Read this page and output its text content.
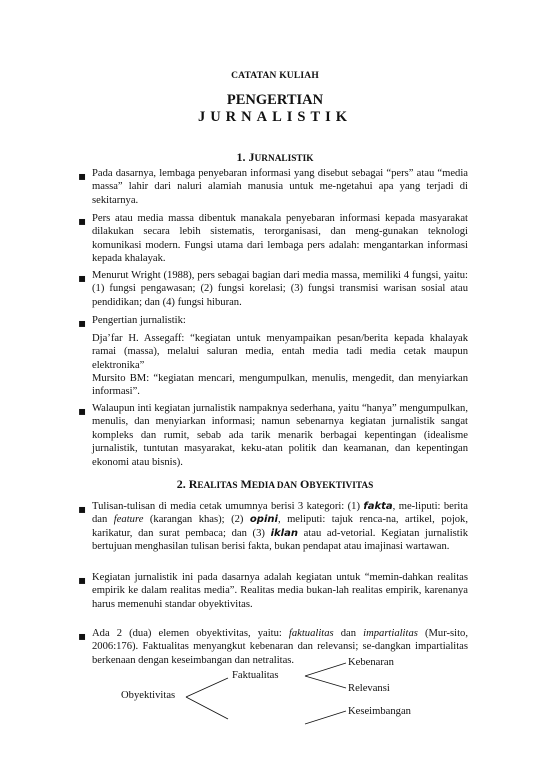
CATATAN KULIAH
PENGERTIAN
JURNALISTIK
1. JURNALISTIK
▪ Pada dasarnya, lembaga penyebaran informasi yang disebut sebagai “pers” atau “media massa” lahir dari naluri alamiah manusia untuk me-ngetahui apa yang terjadi di sekitarnya.
▪ Pers atau media massa dibentuk manakala penyebaran informasi kepada masyarakat dilakukan secara lebih sistematis, terorganisasi, dan meng-gunakan teknologi komunikasi modern. Fungsi utama dari lembaga pers adalah: mengantarkan informasi kepada khalayak.
▪ Menurut Wright (1988), pers sebagai bagian dari media massa, memiliki 4 fungsi, yaitu: (1) fungsi pengawasan; (2) fungsi korelasi; (3) fungsi transmisi warisan sosial atau pendidikan; dan (4) fungsi hiburan.
▪ Pengertian jurnalistik:
Dja’far H. Assegaff: “kegiatan untuk menyampaikan pesan/berita kepada khalayak ramai (massa), melalui saluran media, entah media tadi media cetak maupun elektronika”
Mursito BM: “kegiatan mencari, mengumpulkan, menulis, mengedit, dan menyiarkan informasi”.
▪ Walaupun inti kegiatan jurnalistik nampaknya sederhana, yaitu “hanya” mengumpulkan, menulis, dan menyiarkan informasi; namun sebenarnya kegiatan jurnalistik sangat kompleks dan rumit, sebab ada tarik menarik berbagai kepentingan (idealisme jurnalistik, tuntutan masyarakat, keku-atan politik dan keamanan, dan kepentingan ekonomi atau bisnis).
2. REALITAS MEDIA DAN OBYEKTIVITAS
▪ Tulisan-tulisan di media cetak umumnya berisi 3 kategori: (1) fakta, me-liputi: berita dan feature (karangan khas); (2) opini, meliputi: tajuk renca-na, artikel, pojok, karikatur, dan surat pembaca; dan (3) iklan atau ad-vetorial. Kegiatan jurnalistik bertujuan menghasilan tulisan berisi fakta, bukan pendapat atau imajinasi wartawan.
▪ Kegiatan jurnalistik ini pada dasarnya adalah kegiatan untuk “memin-dahkan realitas empirik ke dalam realitas media”. Realitas media bukan-lah realitas empirik, karenanya harus memenuhi standar obyektivitas.
▪ Ada 2 (dua) elemen obyektivitas, yaitu: faktualitas dan impartialitas (Mur-sito, 2006:176). Faktualitas menyangkut kebenaran dan relevansi; se-dangkan impartialitas berkenaan dengan keseimbangan dan netralitas.
Obyektivitas
Faktualitas
Kebenaran
Relevansi
Keseimbangan
